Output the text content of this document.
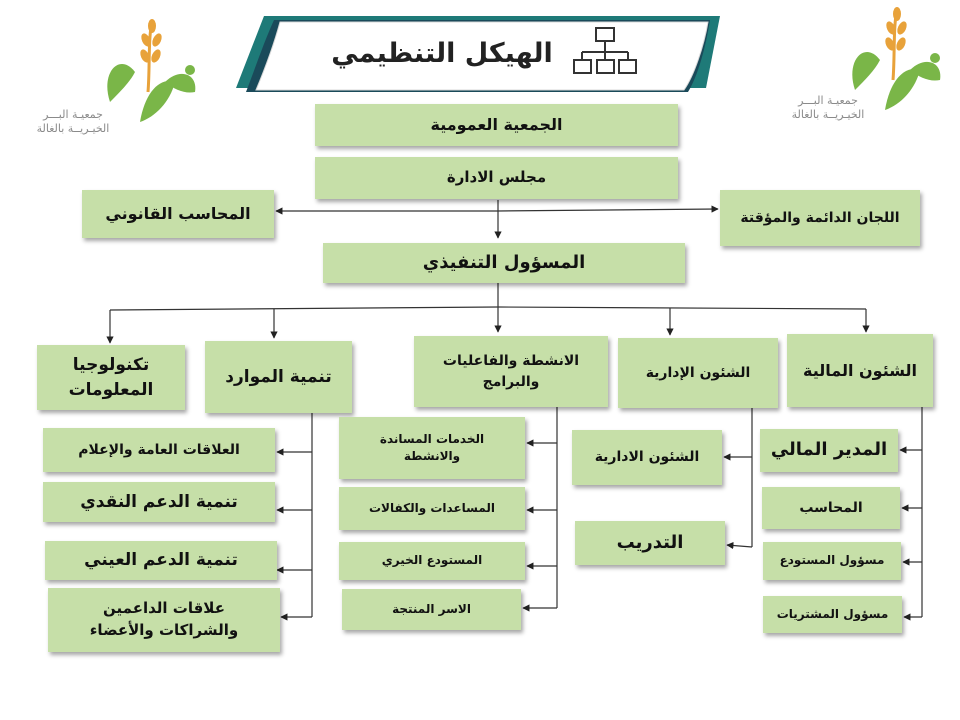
جمعيـة البـــر
الخيـريــة بالغالة
جمعيـة البـــر
الخيـريــة بالغالة
الهيكل التنظيمي
الجمعية العمومية
مجلس الادارة
المحاسب القانوني	اللجان الدائمة والمؤقتة
المسؤول التنفيذي
تكنولوجيا المعلومات
تنمية الموارد
الانشطة والفاعليات والبرامج
الشئون الإدارية	الشئون المالية
العلاقات العامة والإعلام
تنمية الدعم النقدي
تنمية الدعم العيني
علاقات الداعمين والشراكات والأعضاء
الخدمات المساندة والانشطة
المساعدات والكفالات
المستودع الخيري
الاسر المنتجة
الشئون الادارية
التدريب
المدير المالي
المحاسب
مسؤول المستودع
مسؤول المشتريات
